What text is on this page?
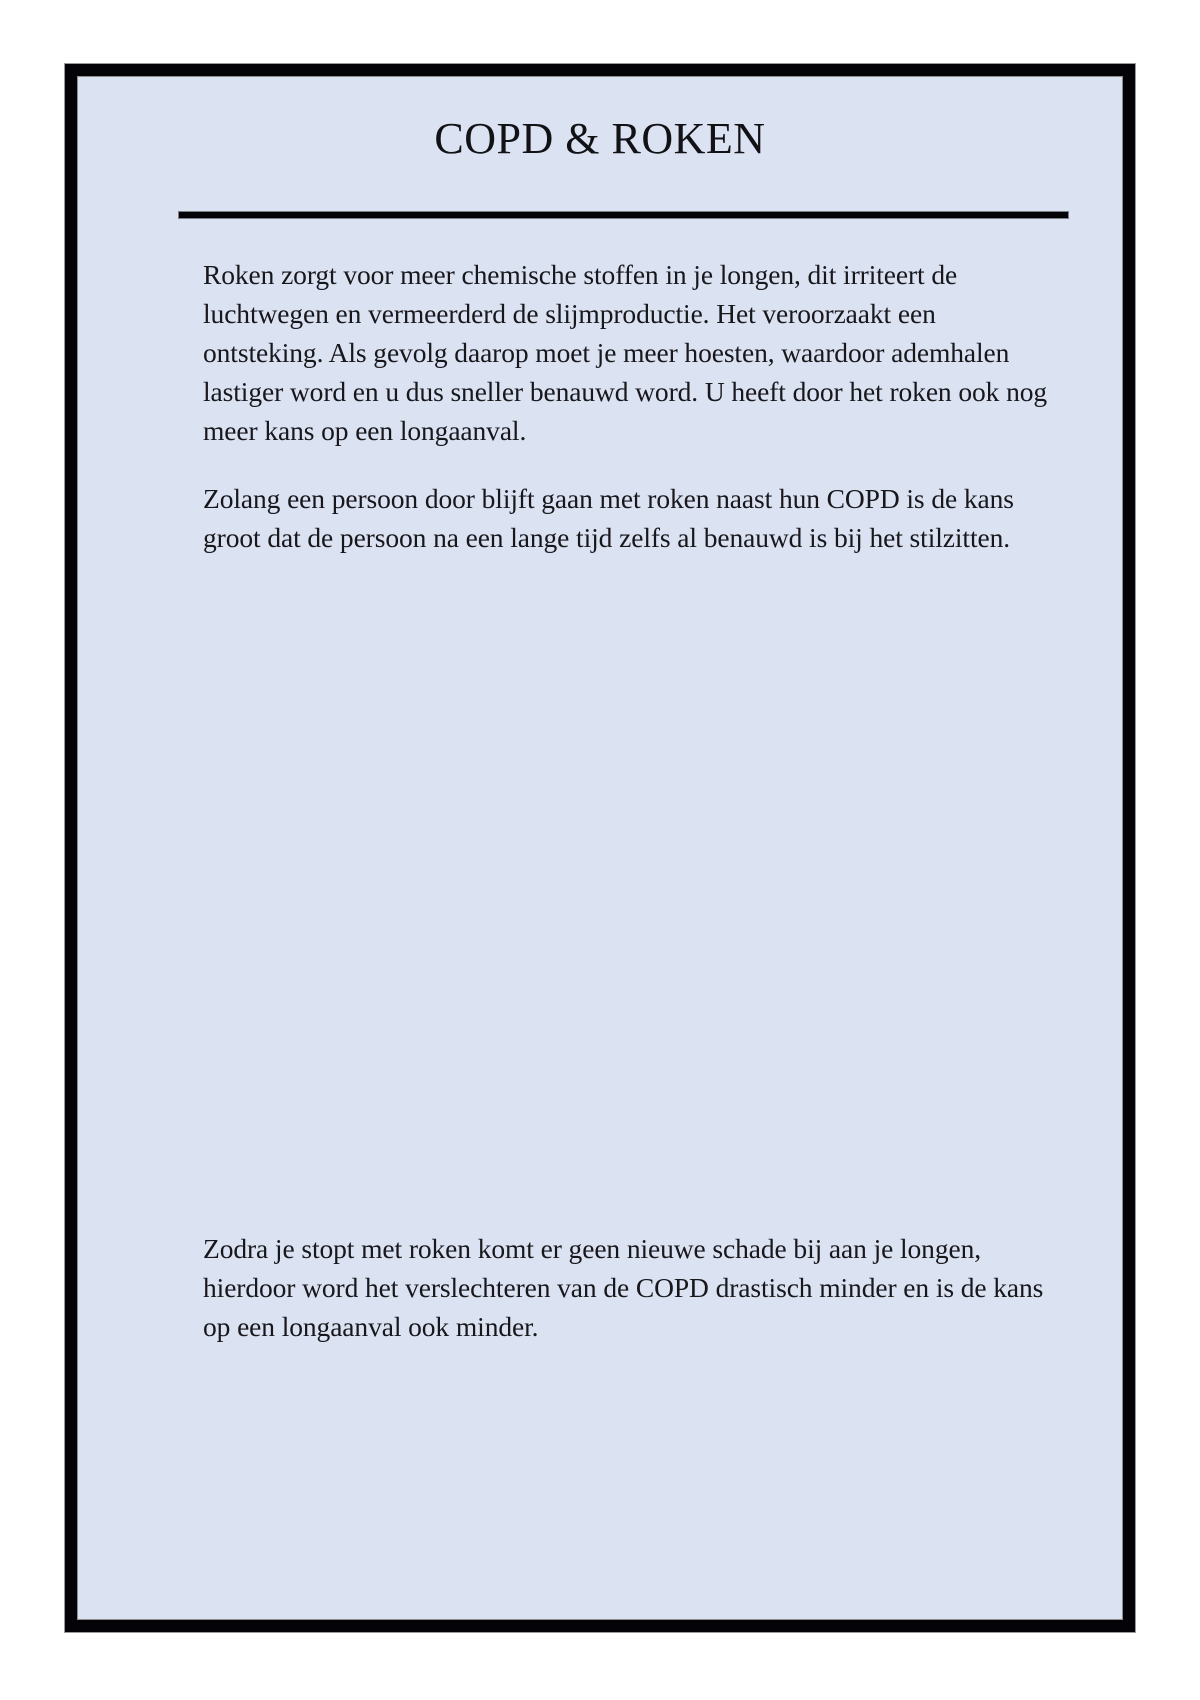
COPD & ROKEN

Roken zorgt voor meer chemische stoffen in je longen, dit irriteert de luchtwegen en vermeerderd de slijmproductie. Het veroorzaakt een ontsteking. Als gevolg daarop moet je meer hoesten, waardoor ademhalen lastiger word en u dus sneller benauwd word. U heeft door het roken ook nog meer kans op een longaanval.

Zolang een persoon door blijft gaan met roken naast hun COPD is de kans groot dat de persoon na een lange tijd zelfs al benauwd is bij het stilzitten.

Zodra je stopt met roken komt er geen nieuwe schade bij aan je longen, hierdoor word het verslechteren van de COPD drastisch minder en is de kans op een longaanval ook minder.
